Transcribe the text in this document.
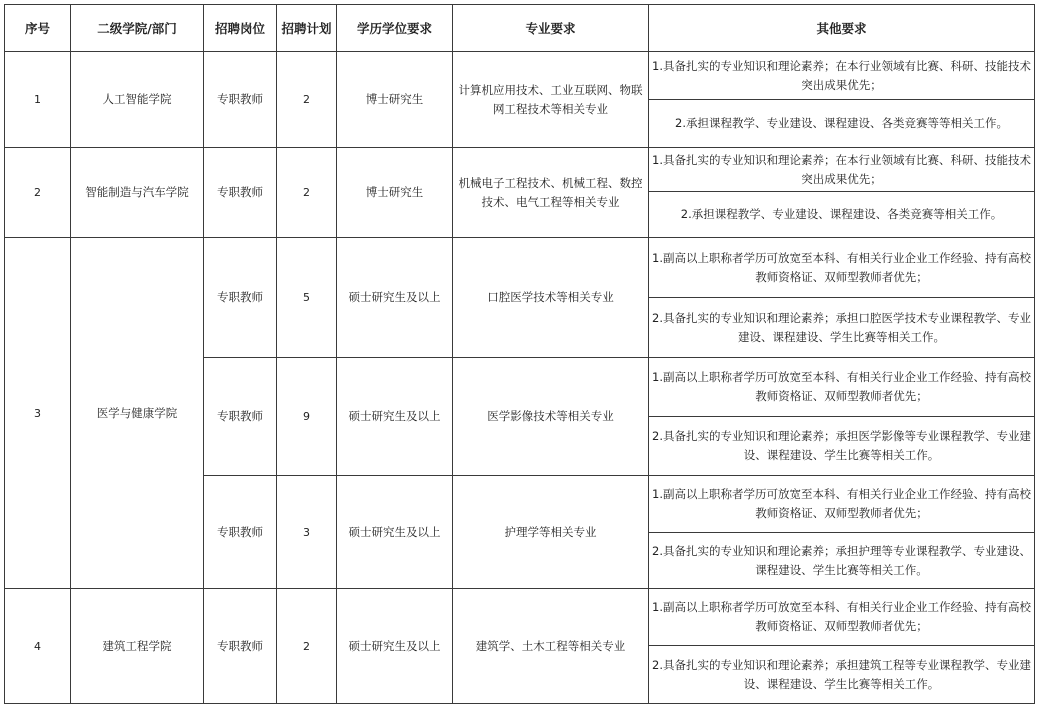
序号	二级学院/部门	招聘岗位	招聘计划	学历学位要求	专业要求	其他要求
1	人工智能学院	专职教师	2	博士研究生	计算机应用技术、工业互联网、物联网工程技术等相关专业	1.具备扎实的专业知识和理论素养；在本行业领域有比赛、科研、技能技术突出成果优先；
						2.承担课程教学、专业建设、课程建设、各类竞赛等等相关工作。
2	智能制造与汽车学院	专职教师	2	博士研究生	机械电子工程技术、机械工程、数控技术、电气工程等相关专业	1.具备扎实的专业知识和理论素养；在本行业领域有比赛、科研、技能技术突出成果优先；
						2.承担课程教学、专业建设、课程建设、各类竞赛等相关工作。
3	医学与健康学院	专职教师	5	硕士研究生及以上	口腔医学技术等相关专业	1.副高以上职称者学历可放宽至本科、有相关行业企业工作经验、持有高校教师资格证、双师型教师者优先；
						2.具备扎实的专业知识和理论素养；承担口腔医学技术专业课程教学、专业建设、课程建设、学生比赛等相关工作。
		专职教师	9	硕士研究生及以上	医学影像技术等相关专业	1.副高以上职称者学历可放宽至本科、有相关行业企业工作经验、持有高校教师资格证、双师型教师者优先；
						2.具备扎实的专业知识和理论素养；承担医学影像等专业课程教学、专业建设、课程建设、学生比赛等相关工作。
		专职教师	3	硕士研究生及以上	护理学等相关专业	1.副高以上职称者学历可放宽至本科、有相关行业企业工作经验、持有高校教师资格证、双师型教师者优先；
						2.具备扎实的专业知识和理论素养；承担护理等专业课程教学、专业建设、课程建设、学生比赛等相关工作。
4	建筑工程学院	专职教师	2	硕士研究生及以上	建筑学、土木工程等相关专业	1.副高以上职称者学历可放宽至本科、有相关行业企业工作经验、持有高校教师资格证、双师型教师者优先；
						2.具备扎实的专业知识和理论素养；承担建筑工程等专业课程教学、专业建设、课程建设、学生比赛等相关工作。
